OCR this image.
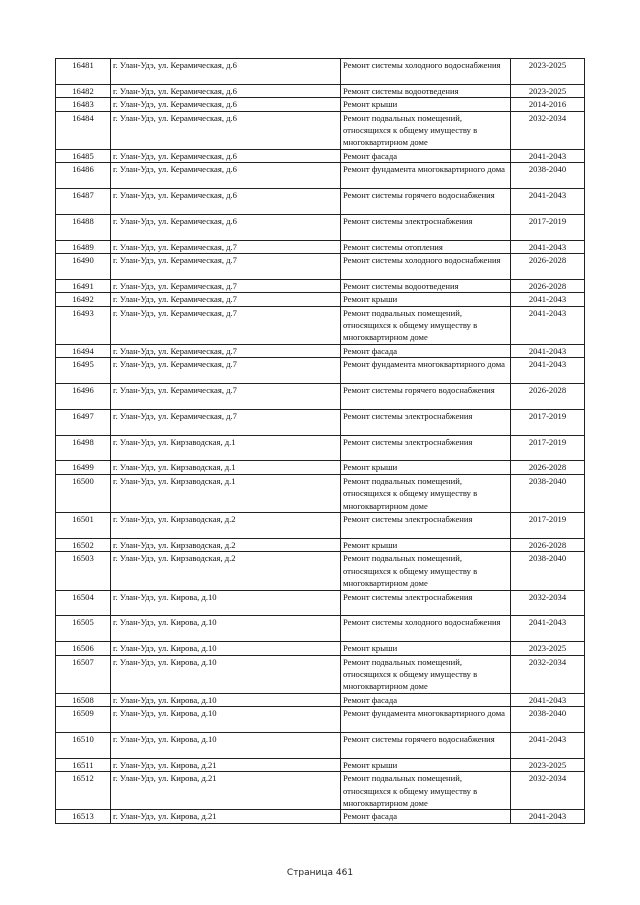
16481	г. Улан-Удэ, ул. Керамическая, д.6	Ремонт системы холодного водоснабжения	2023-2025
16482	г. Улан-Удэ, ул. Керамическая, д.6	Ремонт системы водоотведения	2023-2025
16483	г. Улан-Удэ, ул. Керамическая, д.6	Ремонт крыши	2014-2016
16484	г. Улан-Удэ, ул. Керамическая, д.6	Ремонт подвальных помещений, относящихся к общему имуществу в многоквартирном доме	2032-2034
16485	г. Улан-Удэ, ул. Керамическая, д.6	Ремонт фасада	2041-2043
16486	г. Улан-Удэ, ул. Керамическая, д.6	Ремонт фундамента многоквартирного дома	2038-2040
16487	г. Улан-Удэ, ул. Керамическая, д.6	Ремонт системы горячего водоснабжения	2041-2043
16488	г. Улан-Удэ, ул. Керамическая, д.6	Ремонт системы электроснабжения	2017-2019
16489	г. Улан-Удэ, ул. Керамическая, д.7	Ремонт системы отопления	2041-2043
16490	г. Улан-Удэ, ул. Керамическая, д.7	Ремонт системы холодного водоснабжения	2026-2028
16491	г. Улан-Удэ, ул. Керамическая, д.7	Ремонт системы водоотведения	2026-2028
16492	г. Улан-Удэ, ул. Керамическая, д.7	Ремонт крыши	2041-2043
16493	г. Улан-Удэ, ул. Керамическая, д.7	Ремонт подвальных помещений, относящихся к общему имуществу в многоквартирном доме	2041-2043
16494	г. Улан-Удэ, ул. Керамическая, д.7	Ремонт фасада	2041-2043
16495	г. Улан-Удэ, ул. Керамическая, д.7	Ремонт фундамента многоквартирного дома	2041-2043
16496	г. Улан-Удэ, ул. Керамическая, д.7	Ремонт системы горячего водоснабжения	2026-2028
16497	г. Улан-Удэ, ул. Керамическая, д.7	Ремонт системы электроснабжения	2017-2019
16498	г. Улан-Удэ, ул. Кирзаводская, д.1	Ремонт системы электроснабжения	2017-2019
16499	г. Улан-Удэ, ул. Кирзаводская, д.1	Ремонт крыши	2026-2028
16500	г. Улан-Удэ, ул. Кирзаводская, д.1	Ремонт подвальных помещений, относящихся к общему имуществу в многоквартирном доме	2038-2040
16501	г. Улан-Удэ, ул. Кирзаводская, д.2	Ремонт системы электроснабжения	2017-2019
16502	г. Улан-Удэ, ул. Кирзаводская, д.2	Ремонт крыши	2026-2028
16503	г. Улан-Удэ, ул. Кирзаводская, д.2	Ремонт подвальных помещений, относящихся к общему имуществу в многоквартирном доме	2038-2040
16504	г. Улан-Удэ, ул. Кирова, д.10	Ремонт системы электроснабжения	2032-2034
16505	г. Улан-Удэ, ул. Кирова, д.10	Ремонт системы холодного водоснабжения	2041-2043
16506	г. Улан-Удэ, ул. Кирова, д.10	Ремонт крыши	2023-2025
16507	г. Улан-Удэ, ул. Кирова, д.10	Ремонт подвальных помещений, относящихся к общему имуществу в многоквартирном доме	2032-2034
16508	г. Улан-Удэ, ул. Кирова, д.10	Ремонт фасада	2041-2043
16509	г. Улан-Удэ, ул. Кирова, д.10	Ремонт фундамента многоквартирного дома	2038-2040
16510	г. Улан-Удэ, ул. Кирова, д.10	Ремонт системы горячего водоснабжения	2041-2043
16511	г. Улан-Удэ, ул. Кирова, д.21	Ремонт крыши	2023-2025
16512	г. Улан-Удэ, ул. Кирова, д.21	Ремонт подвальных помещений, относящихся к общему имуществу в многоквартирном доме	2032-2034
16513	г. Улан-Удэ, ул. Кирова, д.21	Ремонт фасада	2041-2043
Страница 461
